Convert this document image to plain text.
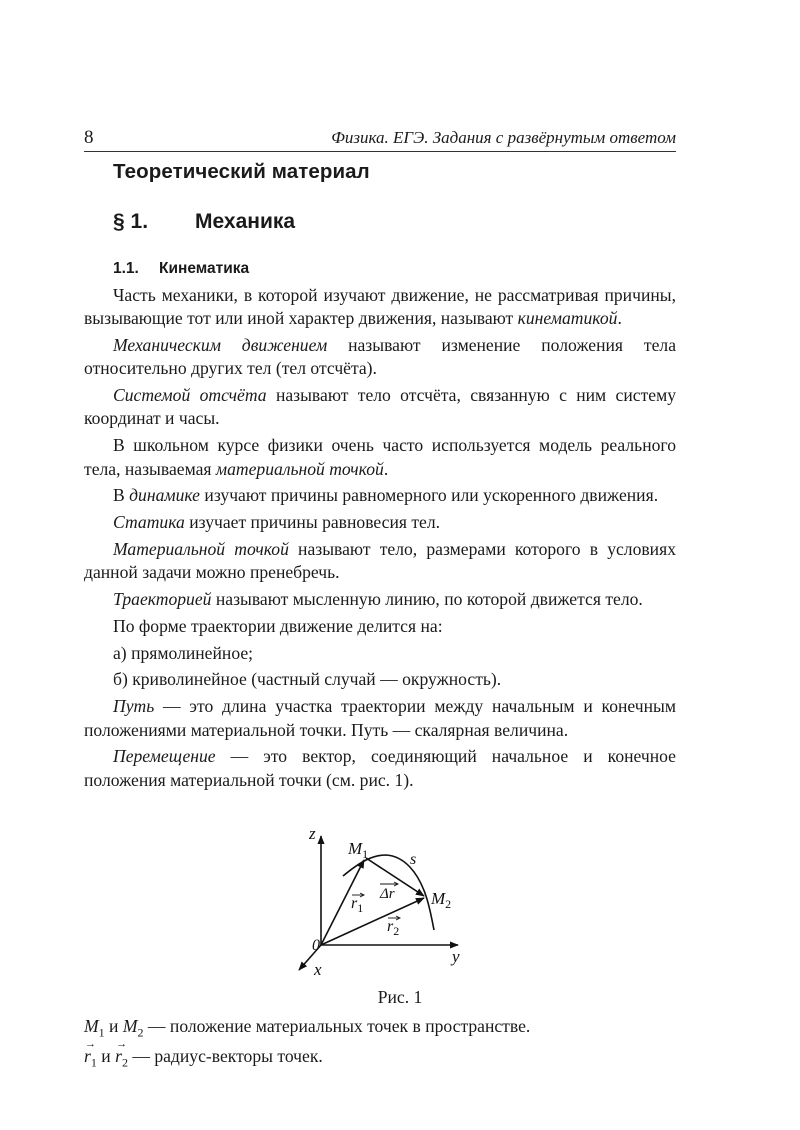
8	Физика. ЕГЭ. Задания с развёрнутым ответом
Теоретический материал
§ 1. Механика
1.1. Кинематика

Часть механики, в которой изучают движение, не рассматривая причины, вызывающие тот или иной характер движения, называют кинематикой.

Механическим движением называют изменение положения тела относительно других тел (тел отсчёта).

Системой отсчёта называют тело отсчёта, связанную с ним систему координат и часы.

В школьном курсе физики очень часто используется модель реального тела, называемая материальной точкой.

В динамике изучают причины равномерного или ускоренного движения.

Статика изучает причины равновесия тел.

Материальной точкой называют тело, размерами которого в условиях данной задачи можно пренебречь.

Траекторией называют мысленную линию, по которой движется тело.

По форме траектории движение делится на:

а) прямолинейное;

б) криволинейное (частный случай — окружность).

Путь — это длина участка траектории между начальным и конечным положениями материальной точки. Путь — скалярная величина.

Перемещение — это вектор, соединяющий начальное и конечное положения материальной точки (см. рис. 1).

z
y
x
0
$M_1$
$M_2$
s
$r_1$
$r_2$
Δr
Рис. 1
$M_1$ и $M_2$ — положение материальных точек в пространстве.
→ $r_1$ $и \to r_2$ — радиус-векторы точек.
